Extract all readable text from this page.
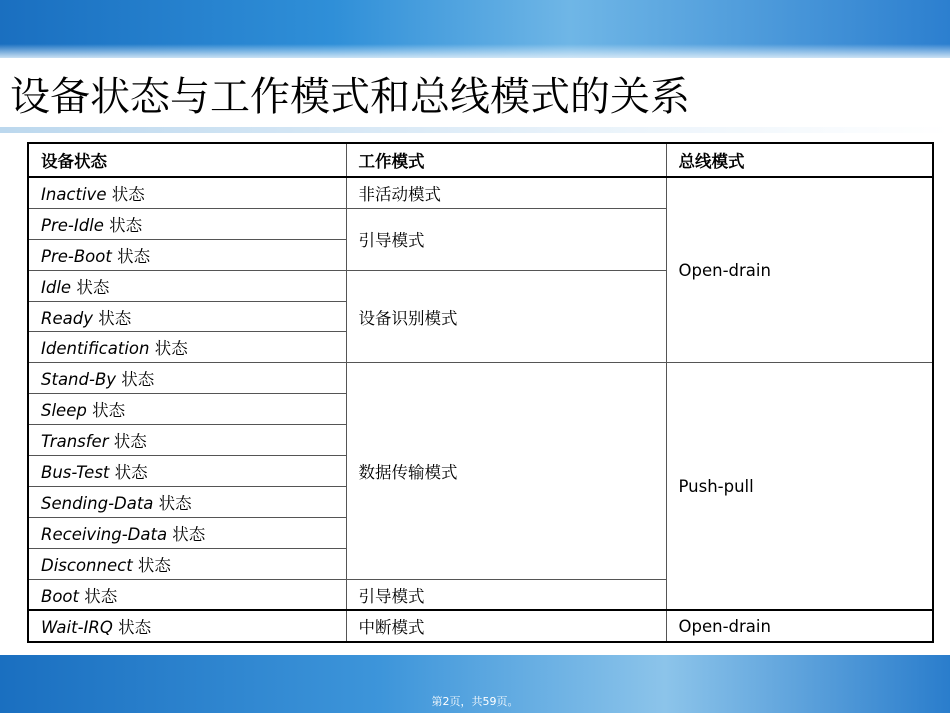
设备状态与工作模式和总线模式的关系
设备状态	工作模式	总线模式
Inactive 状态	非活动模式	Open-drain
Pre-Idle 状态	引导模式	
Pre-Boot 状态		
Idle 状态	设备识别模式	
Ready 状态		
Identification 状态		
Stand-By 状态	数据传输模式	Push-pull
Sleep 状态		
Transfer 状态		
Bus-Test 状态		
Sending-Data 状态		
Receiving-Data 状态		
Disconnect 状态		
Boot 状态	引导模式	
Wait-IRQ 状态	中断模式	Open-drain
第2页，共59页。
